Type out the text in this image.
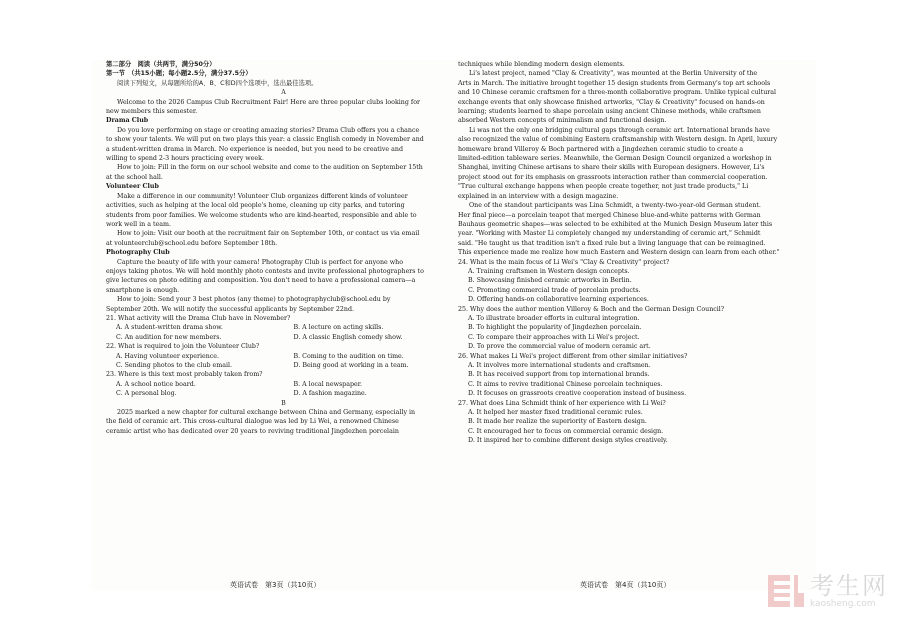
第二部分　阅读（共两节，满分50分）

第一节　（共15小题；每小题2.5分，满分37.5分）

阅读下列短文，从每题所给的A、B、C和D四个选项中，选出最佳选项。

A

Welcome to the 2026 Campus Club Recruitment Fair! Here are three popular clubs looking for

new members this semester.

Drama Club

Do you love performing on stage or creating amazing stories? Drama Club offers you a chance

to show your talents. We will put on two plays this year: a classic English comedy in November and

a student-written drama in March. No experience is needed, but you need to be creative and

willing to spend 2-3 hours practicing every week.

How to join: Fill in the form on our school website and come to the audition on September 15th

at the school hall.

Volunteer Club

Make a difference in our community! Volunteer Club organizes different kinds of volunteer

activities, such as helping at the local old people's home, cleaning up city parks, and tutoring

students from poor families. We welcome students who are kind-hearted, responsible and able to

work well in a team.

How to join: Visit our booth at the recruitment fair on September 10th, or contact us via email

at volunteerclub@school.edu before September 18th.

Photography Club

Capture the beauty of life with your camera! Photography Club is perfect for anyone who

enjoys taking photos. We will hold monthly photo contests and invite professional photographers to

give lectures on photo editing and composition. You don't need to have a professional camera—a

smartphone is enough.

How to join: Send your 3 best photos (any theme) to photographyclub@school.edu by

September 20th. We will notify the successful applicants by September 22nd.

21. What activity will the Drama Club have in November?

A. A student-written drama show.	B. A lecture on acting skills.
C. An audition for new members.	D. A classic English comedy show.

22. What is required to join the Volunteer Club?

A. Having volunteer experience.	B. Coming to the audition on time.
C. Sending photos to the club email.	D. Being good at working in a team.

23. Where is this text most probably taken from?

A. A school notice board.	B. A local newspaper.
C. A personal blog.	D. A fashion magazine.

B

2025 marked a new chapter for cultural exchange between China and Germany, especially in

the field of ceramic art. This cross-cultural dialogue was led by Li Wei, a renowned Chinese

ceramic artist who has dedicated over 20 years to reviving traditional Jingdezhen porcelain

techniques while blending modern design elements.

Li's latest project, named "Clay & Creativity", was mounted at the Berlin University of the

Arts in March. The initiative brought together 15 design students from Germany's top art schools

and 10 Chinese ceramic craftsmen for a three-month collaborative program. Unlike typical cultural

exchange events that only showcase finished artworks, "Clay & Creativity" focused on hands-on

learning; students learned to shape porcelain using ancient Chinese methods, while craftsmen

absorbed Western concepts of minimalism and functional design.

Li was not the only one bridging cultural gaps through ceramic art. International brands have

also recognized the value of combining Eastern craftsmanship with Western design. In April, luxury

homeware brand Villeroy & Boch partnered with a Jingdezhen ceramic studio to create a

limited-edition tableware series. Meanwhile, the German Design Council organized a workshop in

Shanghai, inviting Chinese artisans to share their skills with European designers. However, Li's

project stood out for its emphasis on grassroots interaction rather than commercial cooperation.

"True cultural exchange happens when people create together, not just trade products," Li

explained in an interview with a design magazine.

One of the standout participants was Lina Schmidt, a twenty-two-year-old German student.

Her final piece—a porcelain teapot that merged Chinese blue-and-white patterns with German

Bauhaus geometric shapes—was selected to be exhibited at the Munich Design Museum later this

year. "Working with Master Li completely changed my understanding of ceramic art," Schmidt

said. "He taught us that tradition isn't a fixed rule but a living language that can be reimagined.

This experience made me realize how much Eastern and Western design can learn from each other."

24. What is the main focus of Li Wei's "Clay & Creativity" project?

A. Training craftsmen in Western design concepts.
B. Showcasing finished ceramic artworks in Berlin.
C. Promoting commercial trade of porcelain products.
D. Offering hands-on collaborative learning experiences.

25. Why does the author mention Villeroy & Boch and the German Design Council?

A. To illustrate broader efforts in cultural integration.
B. To highlight the popularity of Jingdezhen porcelain.
C. To compare their approaches with Li Wei's project.
D. To prove the commercial value of modern ceramic art.

26. What makes Li Wei's project different from other similar initiatives?

A. It involves more international students and craftsmen.
B. It has received support from top international brands.
C. It aims to revive traditional Chinese porcelain techniques.
D. It focuses on grassroots creative cooperation instead of business.

27. What does Lina Schmidt think of her experience with Li Wei?

A. It helped her master fixed traditional ceramic rules.
B. It made her realize the superiority of Eastern design.
C. It encouraged her to focus on commercial ceramic design.
D. It inspired her to combine different design styles creatively.
英语试卷　第3页（共10页）	英语试卷　第4页（共10页）	考生网
kaosheng.com
